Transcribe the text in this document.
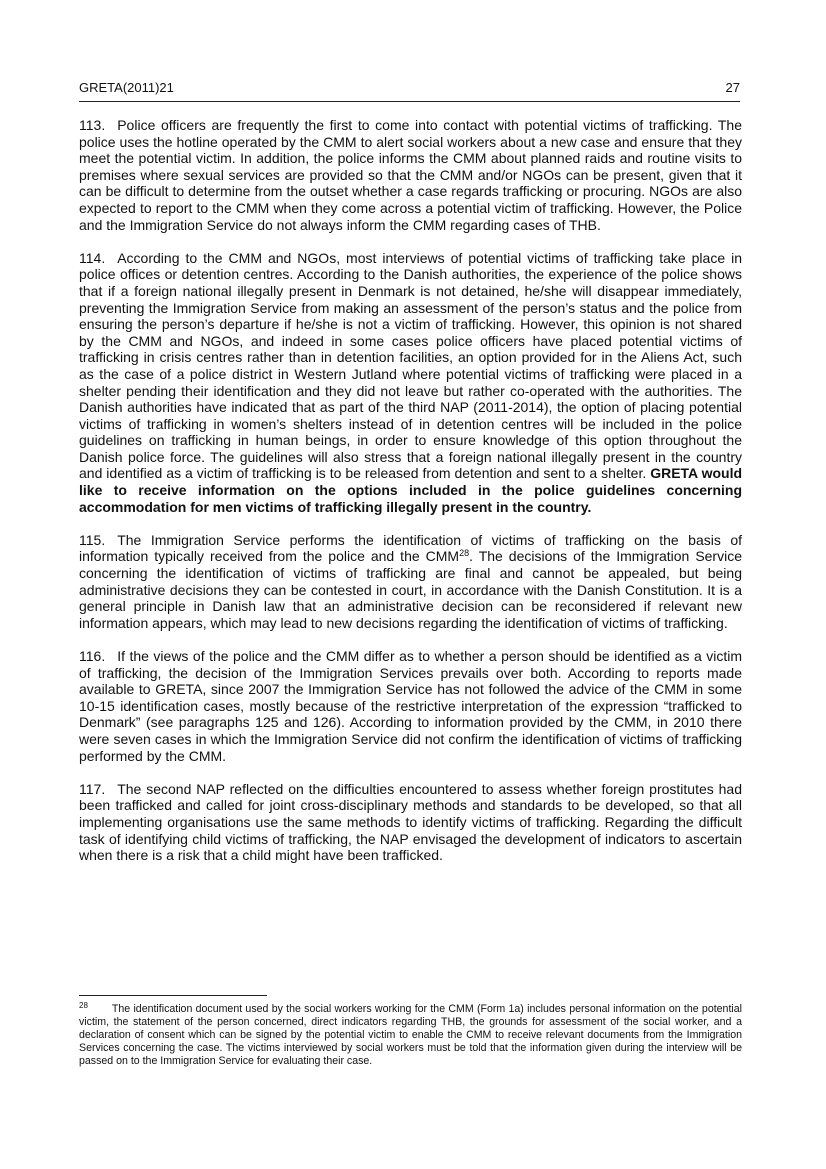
GRETA(2011)21	27

113. Police officers are frequently the first to come into contact with potential victims of trafficking. The police uses the hotline operated by the CMM to alert social workers about a new case and ensure that they meet the potential victim. In addition, the police informs the CMM about planned raids and routine visits to premises where sexual services are provided so that the CMM and/or NGOs can be present, given that it can be difficult to determine from the outset whether a case regards trafficking or procuring. NGOs are also expected to report to the CMM when they come across a potential victim of trafficking. However, the Police and the Immigration Service do not always inform the CMM regarding cases of THB.

114. According to the CMM and NGOs, most interviews of potential victims of trafficking take place in police offices or detention centres. According to the Danish authorities, the experience of the police shows that if a foreign national illegally present in Denmark is not detained, he/she will disappear immediately, preventing the Immigration Service from making an assessment of the person’s status and the police from ensuring the person’s departure if he/she is not a victim of trafficking. However, this opinion is not shared by the CMM and NGOs, and indeed in some cases police officers have placed potential victims of trafficking in crisis centres rather than in detention facilities, an option provided for in the Aliens Act, such as the case of a police district in Western Jutland where potential victims of trafficking were placed in a shelter pending their identification and they did not leave but rather co-operated with the authorities. The Danish authorities have indicated that as part of the third NAP (2011-2014), the option of placing potential victims of trafficking in women’s shelters instead of in detention centres will be included in the police guidelines on trafficking in human beings, in order to ensure knowledge of this option throughout the Danish police force. The guidelines will also stress that a foreign national illegally present in the country and identified as a victim of trafficking is to be released from detention and sent to a shelter. GRETA would like to receive information on the options included in the police guidelines concerning accommodation for men victims of trafficking illegally present in the country.

115. The Immigration Service performs the identification of victims of trafficking on the basis of information typically received from the police and the CMM$^{28}$. The decisions of the Immigration Service concerning the identification of victims of trafficking are final and cannot be appealed, but being administrative decisions they can be contested in court, in accordance with the Danish Constitution. It is a general principle in Danish law that an administrative decision can be reconsidered if relevant new information appears, which may lead to new decisions regarding the identification of victims of trafficking.

116. If the views of the police and the CMM differ as to whether a person should be identified as a victim of trafficking, the decision of the Immigration Services prevails over both. According to reports made available to GRETA, since 2007 the Immigration Service has not followed the advice of the CMM in some 10-15 identification cases, mostly because of the restrictive interpretation of the expression “trafficked to Denmark” (see paragraphs 125 and 126). According to information provided by the CMM, in 2010 there were seven cases in which the Immigration Service did not confirm the identification of victims of trafficking performed by the CMM.

117. The second NAP reflected on the difficulties encountered to assess whether foreign prostitutes had been trafficked and called for joint cross-disciplinary methods and standards to be developed, so that all implementing organisations use the same methods to identify victims of trafficking. Regarding the difficult task of identifying child victims of trafficking, the NAP envisaged the development of indicators to ascertain when there is a risk that a child might have been trafficked.

$^{28}$ The identification document used by the social workers working for the CMM (Form 1a) includes personal information on the potential victim, the statement of the person concerned, direct indicators regarding THB, the grounds for assessment of the social worker, and a declaration of consent which can be signed by the potential victim to enable the CMM to receive relevant documents from the Immigration Services concerning the case. The victims interviewed by social workers must be told that the information given during the interview will be passed on to the Immigration Service for evaluating their case.
